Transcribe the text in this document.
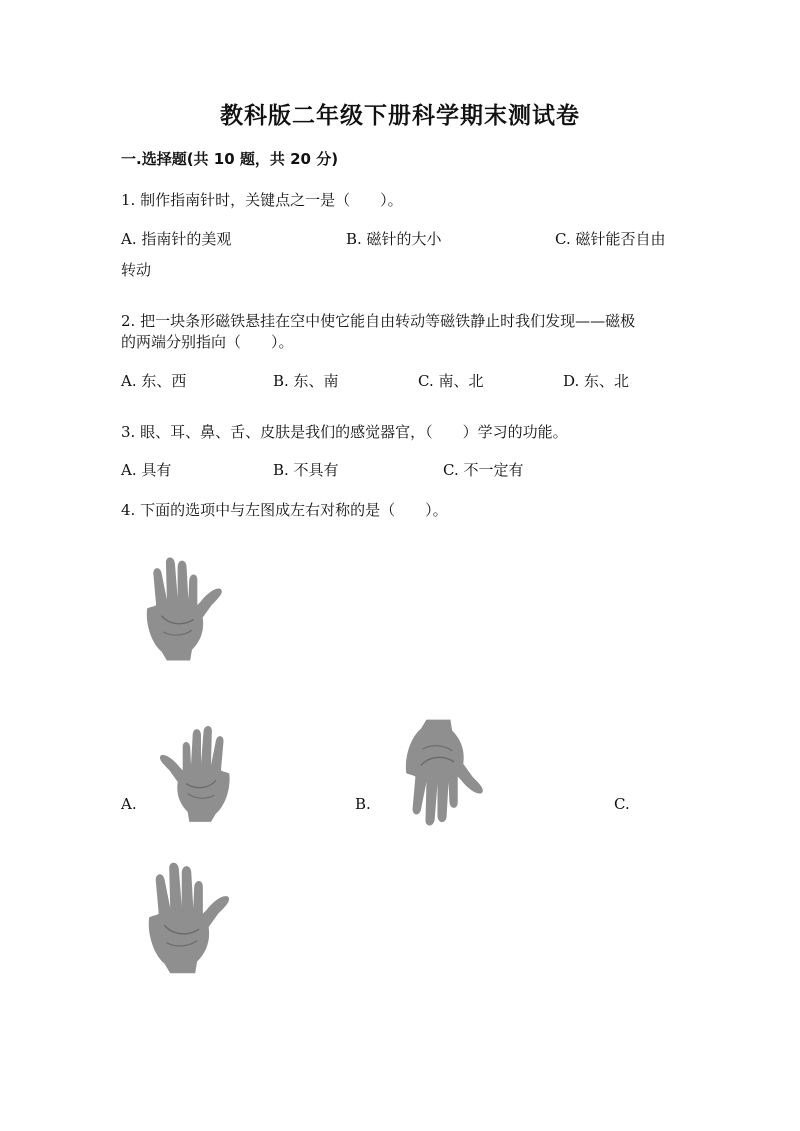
教科版二年级下册科学期末测试卷
一.选择题(共 10 题，共 20 分)
1. 制作指南针时，关键点之一是（　　）。
A. 指南针的美观	B. 磁针的大小	C. 磁针能否自由
转动
2. 把一块条形磁铁悬挂在空中使它能自由转动等磁铁静止时我们发现——磁极
的两端分别指向（　　）。
A. 东、西	B. 东、南	C. 南、北	D. 东、北
3. 眼、耳、鼻、舌、皮肤是我们的感觉器官，（　　）学习的功能。
A. 具有	B. 不具有	C. 不一定有
4. 下面的选项中与左图成左右对称的是（　　）。
A.	B.	C.
